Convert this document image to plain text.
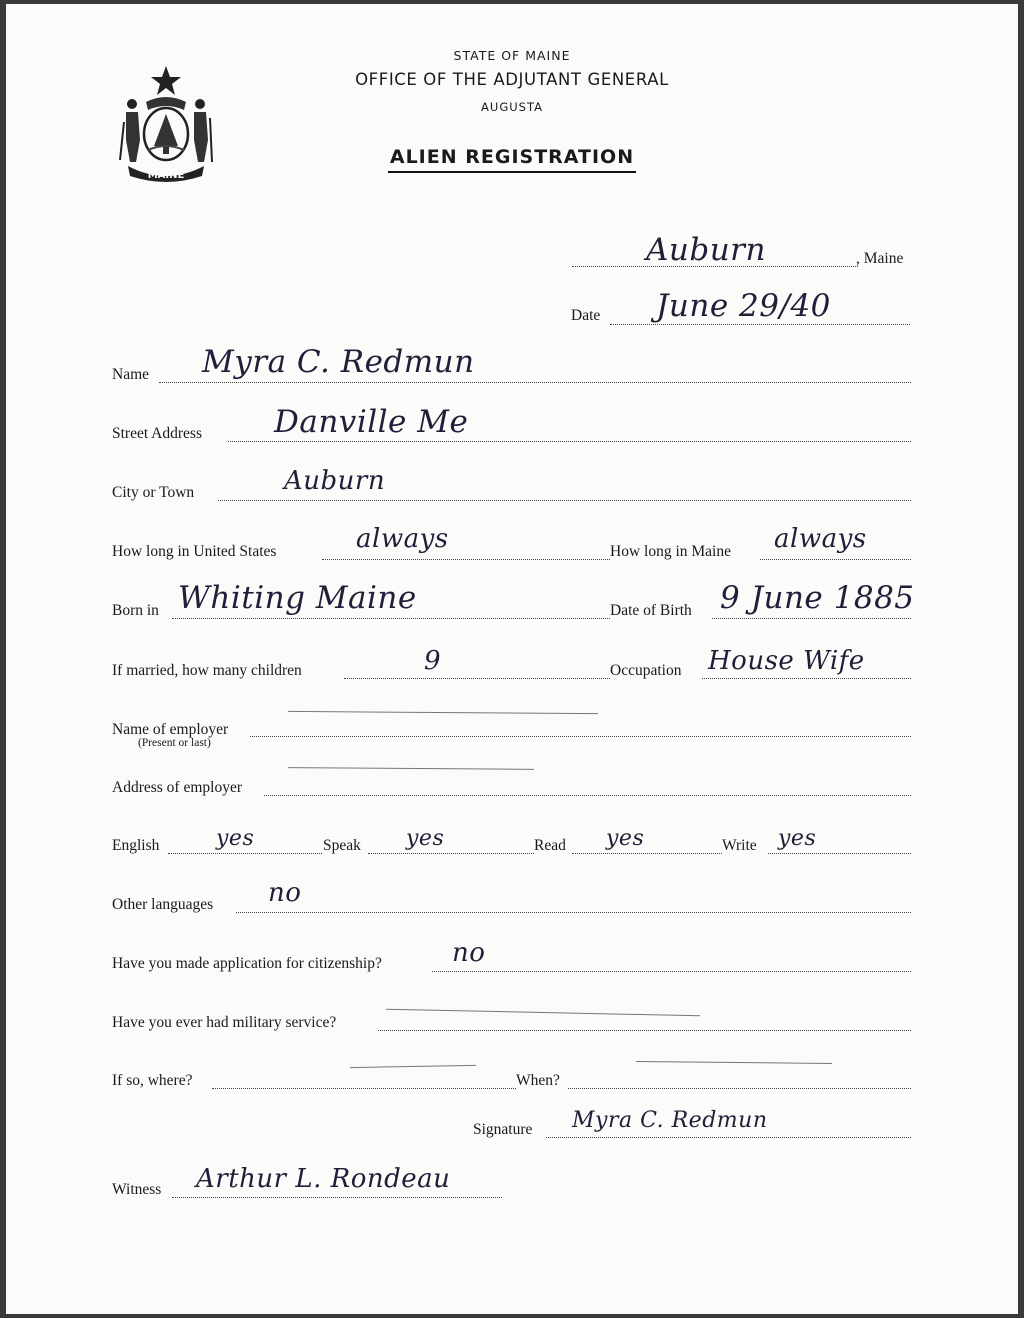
MAINE
STATE OF MAINE
OFFICE OF THE ADJUTANT GENERAL
AUGUSTA
ALIEN REGISTRATION
Auburn	, Maine
Date June 29/40
Name Myra C. Redmun
Street Address Danville Me
City or Town	Auburn
How long in United States	always	How long in Maine always
Born in Whiting Maine	Date of Birth 9 June 1885
If married, how many children	9	Occupation House Wife
Name of employer
(Present or last)
Address of employer
English	yes	Speak yes	Read yes	Write yes
Other languages no
Have you made application for citizenship?	no
Have you ever had military service?
If so, where?	When?
Signature Myra C. Redmun
Witness Arthur L. Rondeau
